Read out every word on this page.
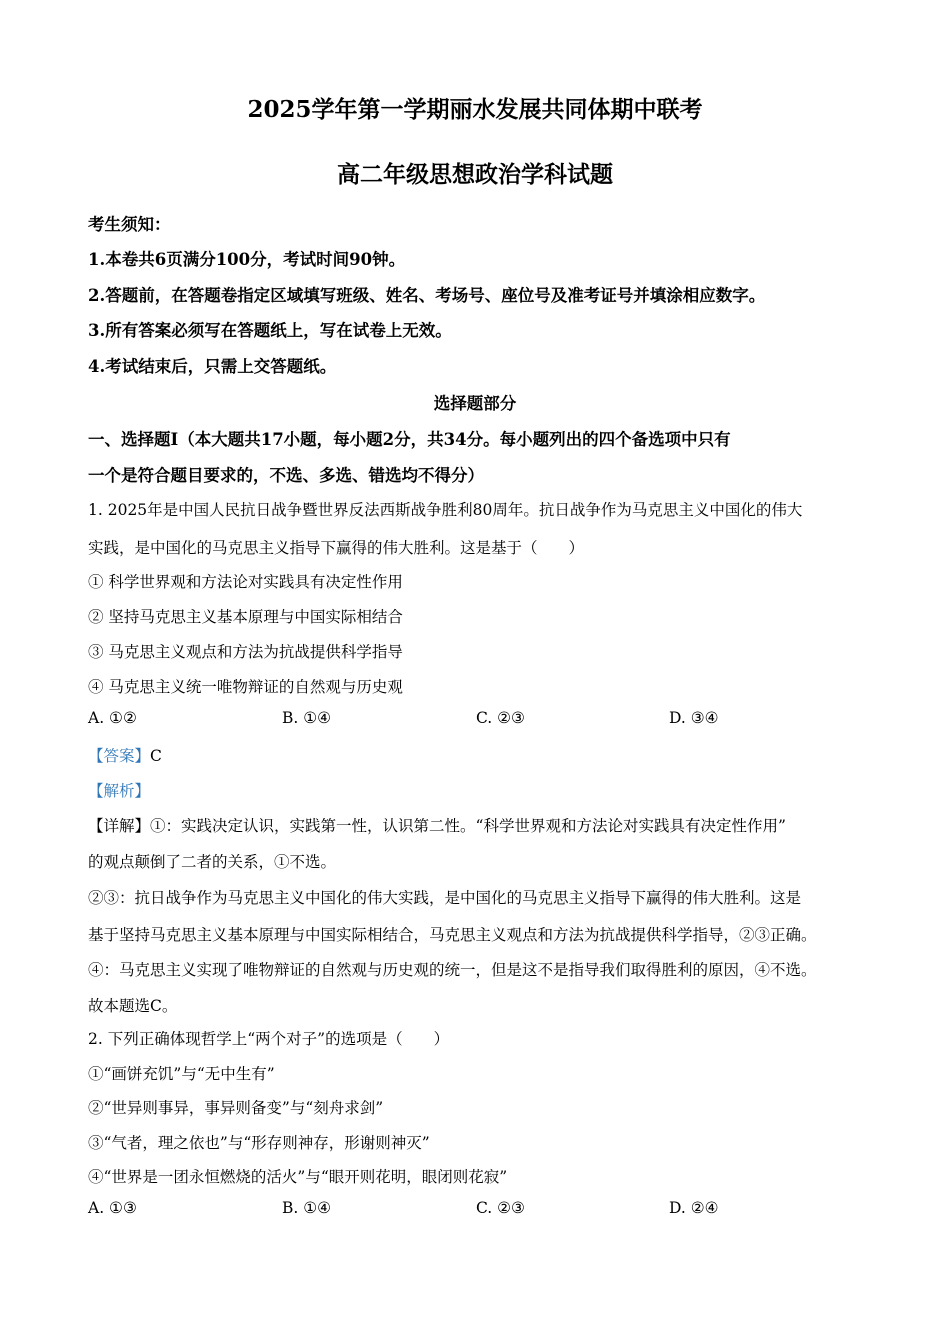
2025学年第一学期丽水发展共同体期中联考
高二年级思想政治学科试题
考生须知：
1.本卷共6页满分100分，考试时间90钟。
2.答题前，在答题卷指定区域填写班级、姓名、考场号、座位号及准考证号并填涂相应数字。
3.所有答案必须写在答题纸上，写在试卷上无效。
4.考试结束后，只需上交答题纸。
选择题部分
一、选择题Ⅰ（本大题共17小题，每小题2分，共34分。每小题列出的四个备选项中只有
一个是符合题目要求的，不选、多选、错选均不得分）
1. 2025年是中国人民抗日战争暨世界反法西斯战争胜利80周年。抗日战争作为马克思主义中国化的伟大
实践，是中国化的马克思主义指导下赢得的伟大胜利。这是基于（　　）
① 科学世界观和方法论对实践具有决定性作用
② 坚持马克思主义基本原理与中国实际相结合
③ 马克思主义观点和方法为抗战提供科学指导
④ 马克思主义统一唯物辩证的自然观与历史观
A. ①②	B. ①④	C. ②③	D. ③④
【答案】C
【解析】
【详解】①：实践决定认识，实践第一性，认识第二性。“科学世界观和方法论对实践具有决定性作用”
的观点颠倒了二者的关系，①不选。
②③：抗日战争作为马克思主义中国化的伟大实践，是中国化的马克思主义指导下赢得的伟大胜利。这是
基于坚持马克思主义基本原理与中国实际相结合，马克思主义观点和方法为抗战提供科学指导，②③正确。
④：马克思主义实现了唯物辩证的自然观与历史观的统一，但是这不是指导我们取得胜利的原因，④不选。
故本题选C。
2. 下列正确体现哲学上“两个对子”的选项是（　　）
①“画饼充饥”与“无中生有”
②“世异则事异，事异则备变”与“刻舟求剑”
③“气者，理之依也”与“形存则神存，形谢则神灭”
④“世界是一团永恒燃烧的活火”与“眼开则花明，眼闭则花寂”
A. ①③	B. ①④	C. ②③	D. ②④
